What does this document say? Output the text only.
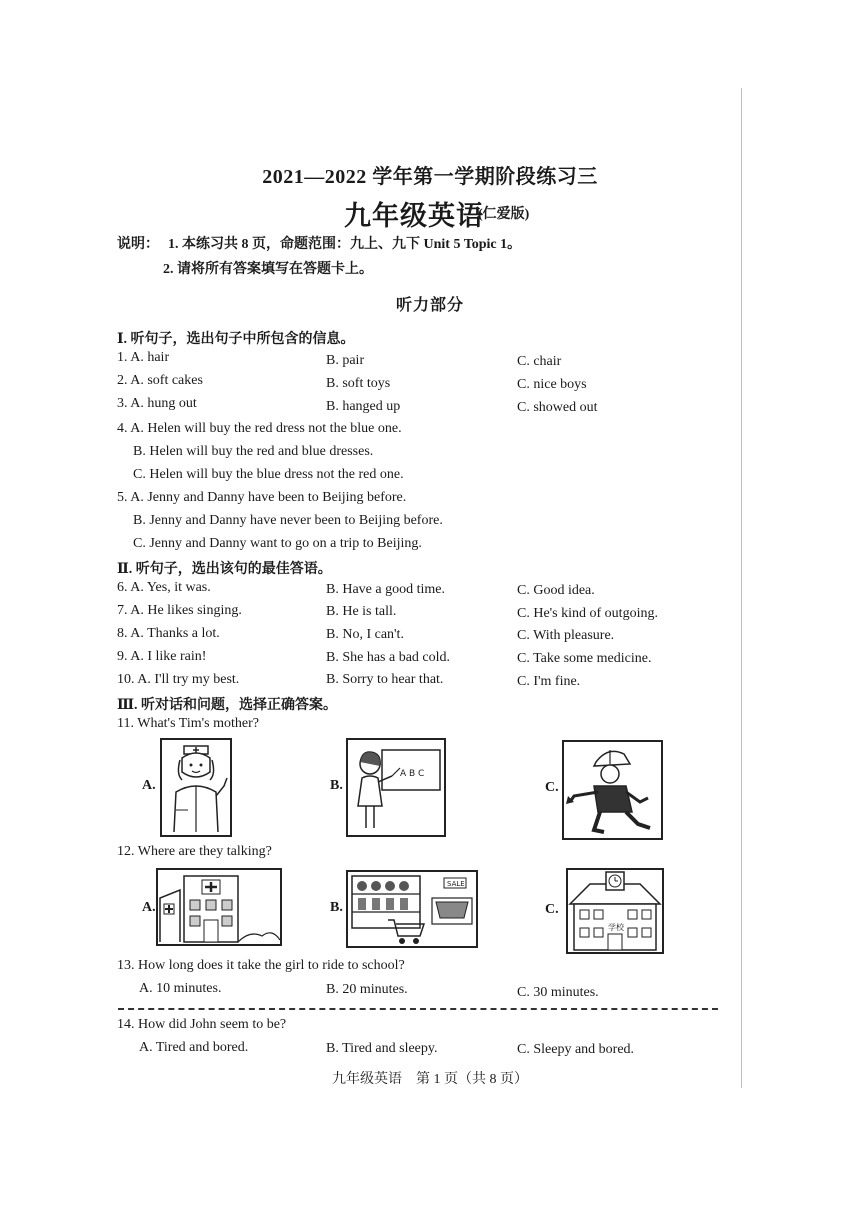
2021—2022 学年第一学期阶段练习三
九年级英语
(仁爱版)
说明： 1. 本练习共 8 页，命题范围：九上、九下 Unit 5 Topic 1。
2. 请将所有答案填写在答题卡上。
听力部分
Ⅰ. 听句子，选出句子中所包含的信息。
1. A. hair	B. pair	C. chair
2. A. soft cakes	B. soft toys	C. nice boys
3. A. hung out	B. hanged up	C. showed out
4. A. Helen will buy the red dress not the blue one.
B. Helen will buy the red and blue dresses.
C. Helen will buy the blue dress not the red one.
5. A. Jenny and Danny have been to Beijing before.
B. Jenny and Danny have never been to Beijing before.
C. Jenny and Danny want to go on a trip to Beijing.
Ⅱ. 听句子，选出该句的最佳答语。
6. A. Yes, it was.	B. Have a good time.	C. Good idea.
7. A. He likes singing.	B. He is tall.	C. He's kind of outgoing.
8. A. Thanks a lot.	B. No, I can't.	C. With pleasure.
9. A. I like rain!	B. She has a bad cold.	C. Take some medicine.
10. A. I'll try my best.	B. Sorry to hear that.	C. I'm fine.
Ⅲ. 听对话和问题，选择正确答案。
11. What's Tim's mother?
A.	B.
A B C
C.
12. Where are they talking?
A.	B.
SALE
C.
学校
13. How long does it take the girl to ride to school?
A. 10 minutes.	B. 20 minutes.	C. 30 minutes.
14. How did John seem to be?
A. Tired and bored.	B. Tired and sleepy.	C. Sleepy and bored.
九年级英语　第 1 页（共 8 页）
